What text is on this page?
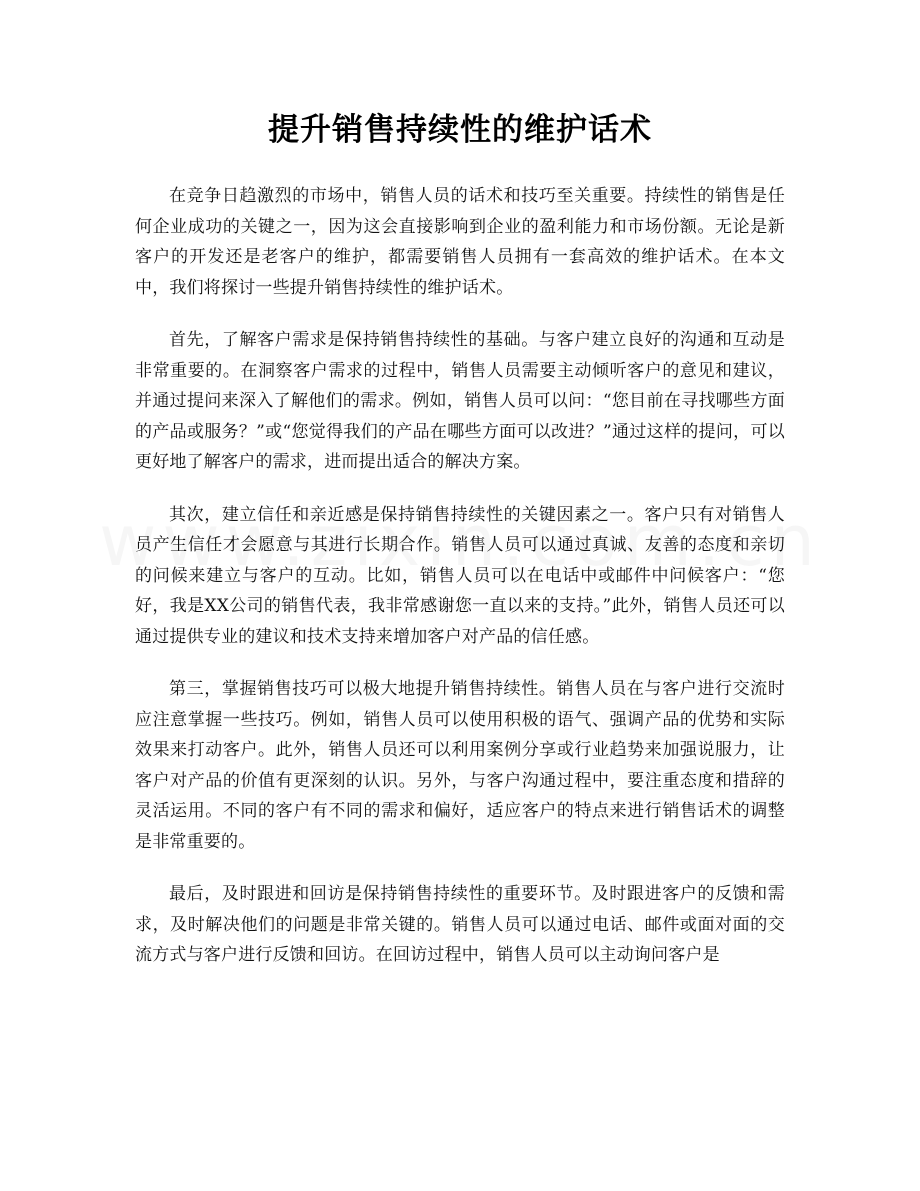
提升销售持续性的维护话术

在竞争日趋激烈的市场中，销售人员的话术和技巧至关重要。持续性的销售是任何企业成功的关键之一，因为这会直接影响到企业的盈利能力和市场份额。无论是新客户的开发还是老客户的维护，都需要销售人员拥有一套高效的维护话术。在本文中，我们将探讨一些提升销售持续性的维护话术。

首先，了解客户需求是保持销售持续性的基础。与客户建立良好的沟通和互动是非常重要的。在洞察客户需求的过程中，销售人员需要主动倾听客户的意见和建议，并通过提问来深入了解他们的需求。例如，销售人员可以问：“您目前在寻找哪些方面的产品或服务？”或“您觉得我们的产品在哪些方面可以改进？”通过这样的提问，可以更好地了解客户的需求，进而提出适合的解决方案。

其次，建立信任和亲近感是保持销售持续性的关键因素之一。客户只有对销售人员产生信任才会愿意与其进行长期合作。销售人员可以通过真诚、友善的态度和亲切的问候来建立与客户的互动。比如，销售人员可以在电话中或邮件中问候客户：“您好，我是XX公司的销售代表，我非常感谢您一直以来的支持。”此外，销售人员还可以通过提供专业的建议和技术支持来增加客户对产品的信任感。

第三，掌握销售技巧可以极大地提升销售持续性。销售人员在与客户进行交流时应注意掌握一些技巧。例如，销售人员可以使用积极的语气、强调产品的优势和实际效果来打动客户。此外，销售人员还可以利用案例分享或行业趋势来加强说服力，让客户对产品的价值有更深刻的认识。另外，与客户沟通过程中，要注重态度和措辞的灵活运用。不同的客户有不同的需求和偏好，适应客户的特点来进行销售话术的调整是非常重要的。

最后，及时跟进和回访是保持销售持续性的重要环节。及时跟进客户的反馈和需求，及时解决他们的问题是非常关键的。销售人员可以通过电话、邮件或面对面的交流方式与客户进行反馈和回访。在回访过程中，销售人员可以主动询问客户是
